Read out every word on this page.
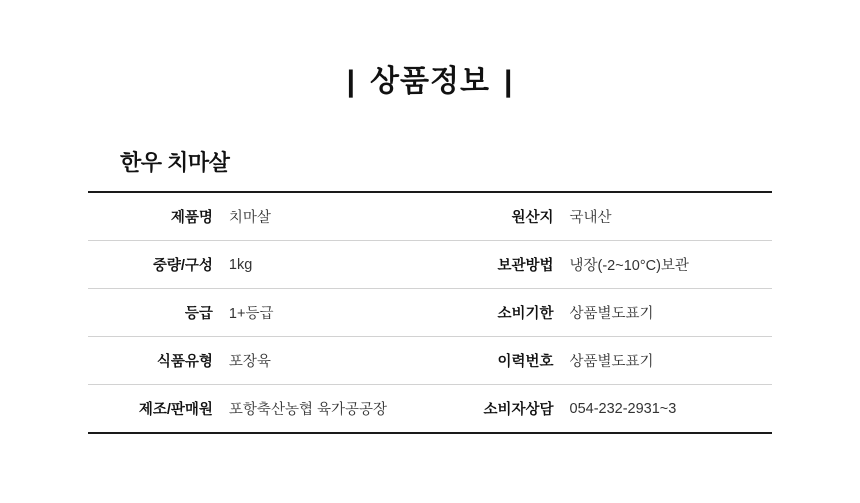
| 상품정보 |
한우 치마살
제품명	치마살	원산지	국내산
중량/구성	1kg	보관방법	냉장(-2~10°C)보관
등급	1+등급	소비기한	상품별도표기
식품유형	포장육	이력번호	상품별도표기
제조/판매원	포항축산농협 육가공공장	소비자상담	054-232-2931~3
